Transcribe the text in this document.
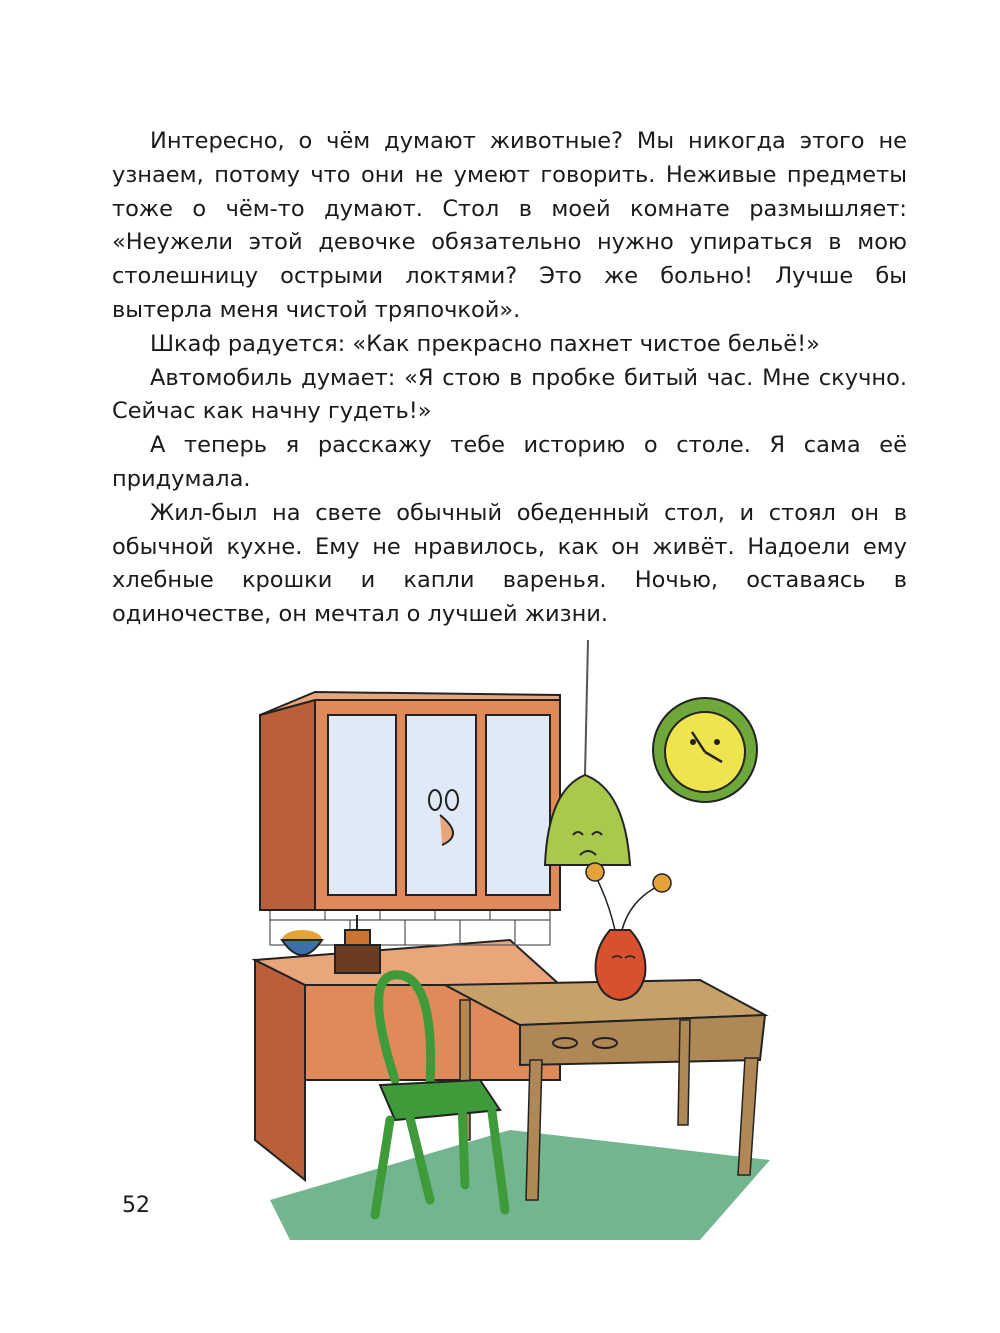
Интересно, о чём думают животные? Мы никогда этого не узнаем, потому что они не умеют говорить. Неживые предметы тоже о чём-то думают. Стол в моей комнате размышляет: «Неужели этой девочке обязательно нужно упираться в мою столешницу острыми локтями? Это же больно! Лучше бы вытерла меня чистой тряпочкой».

Шкаф радуется: «Как прекрасно пахнет чистое бельё!»

Автомобиль думает: «Я стою в пробке битый час. Мне скучно. Сейчас как начну гудеть!»

А теперь я расскажу тебе историю о столе. Я сама её придумала.

Жил-был на свете обычный обеденный стол, и стоял он в обычной кухне. Ему не нравилось, как он живёт. Надоели ему хлебные крошки и капли варенья. Ночью, оставаясь в одиночестве, он мечтал о лучшей жизни.

52
